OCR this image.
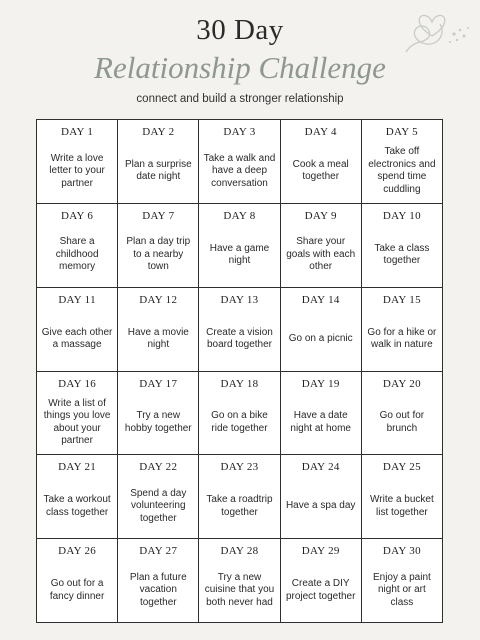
30 Day
Relationship Challenge
connect and build a stronger relationship
DAY 1
Write a love letter to your partner
DAY 2
Plan a surprise date night
DAY 3
Take a walk and have a deep conversation
DAY 4
Cook a meal together
DAY 5
Take off electronics and spend time cuddling
DAY 6
Share a childhood memory
DAY 7
Plan a day trip to a nearby town
DAY 8
Have a game night
DAY 9
Share your goals with each other
DAY 10
Take a class together
DAY 11
Give each other a massage
DAY 12
Have a movie night
DAY 13
Create a vision board together
DAY 14
Go on a picnic
DAY 15
Go for a hike or walk in nature
DAY 16
Write a list of things you love about your partner
DAY 17
Try a new hobby together
DAY 18
Go on a bike ride together
DAY 19
Have a date night at home
DAY 20
Go out for brunch
DAY 21
Take a workout class together
DAY 22
Spend a day volunteering together
DAY 23
Take a roadtrip together
DAY 24
Have a spa day
DAY 25
Write a bucket list together
DAY 26
Go out for a fancy dinner
DAY 27
Plan a future vacation together
DAY 28
Try a new cuisine that you both never had
DAY 29
Create a DIY project together
DAY 30
Enjoy a paint night or art class
